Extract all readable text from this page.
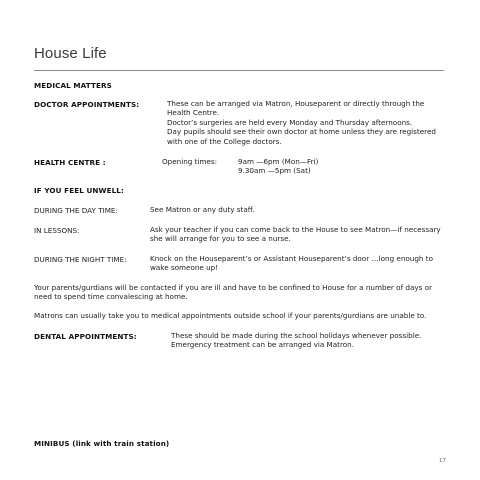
House Life
MEDICAL MATTERS
DOCTOR APPOINTMENTS:	These can be arranged via Matron, Houseparent or directly through the
Health Centre.
Doctor’s surgeries are held every Monday and Thursday afternoons.
Day pupils should see their own doctor at home unless they are registered
with one of the College doctors.
HEALTH CENTRE :	Opening times:	9am —6pm (Mon—Fri)
9.30am —5pm (Sat)
IF YOU FEEL UNWELL:
DURING THE DAY TIME:	See Matron or any duty staff.
IN LESSONS:	Ask your teacher if you can come back to the House to see Matron—if necessary
she will arrange for you to see a nurse.
DURING THE NIGHT TIME:	Knock on the Houseparent’s or Assistant Houseparent’s door …long enough to
wake someone up!
Your parents/gurdians will be contacted if you are ill and have to be confined to House for a number of days or
need to spend time convalescing at home.
Matrons can usually take you to medical appointments outside school if your parents/gurdians are unable to.
DENTAL APPOINTMENTS:	These should be made during the school holidays whenever possible.
Emergency treatment can be arranged via Matron.
MINIBUS (link with train station)
17
